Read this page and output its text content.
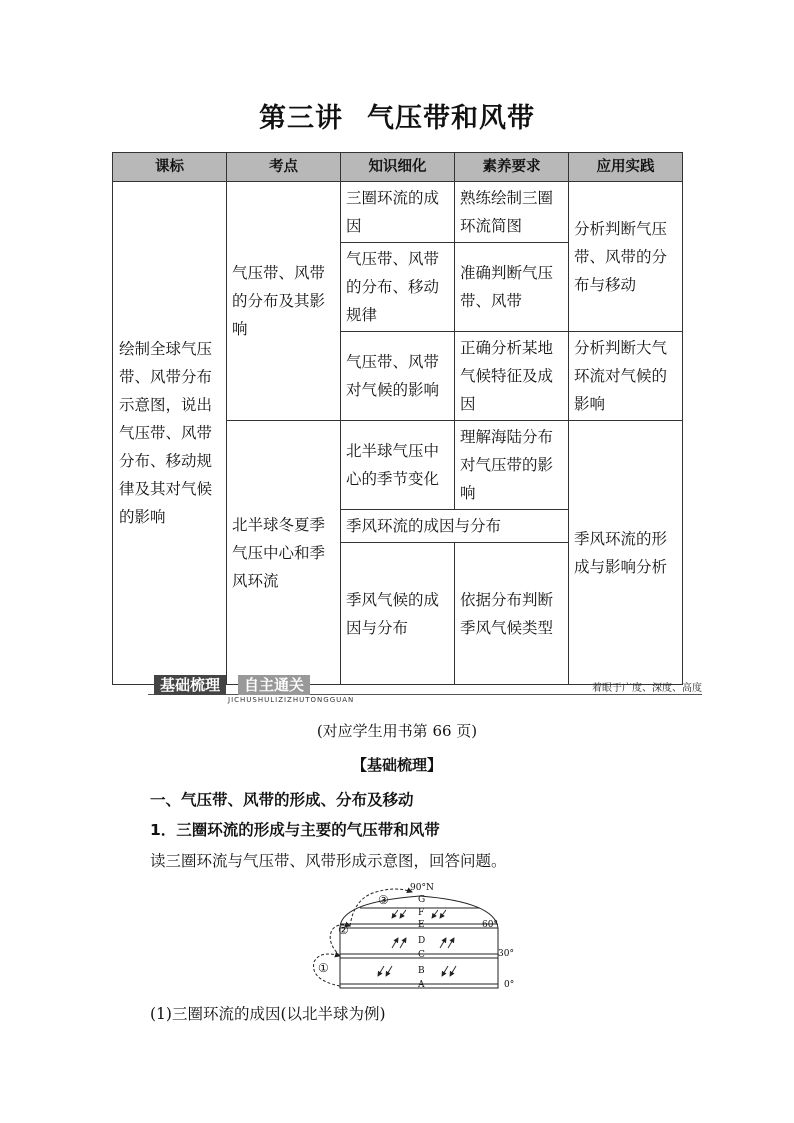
第三讲 气压带和风带
课标	考点	知识细化	素养要求	应用实践
绘制全球气压带、风带分布示意图，说出气压带、风带分布、移动规律及其对气候的影响	气压带、风带的分布及其影响	三圈环流的成因	熟练绘制三圈环流简图	分析判断气压带、风带的分布与移动
		气压带、风带的分布、移动规律	准确判断气压带、风带	
		气压带、风带对气候的影响	正确分析某地气候特征及成因	分析判断大气环流对气候的影响
	北半球冬夏季气压中心和季风环流	北半球气压中心的季节变化	理解海陆分布对气压带的影响	季风环流的形成与影响分析
		季风环流的成因与分布		
		季风气候的成因与分布	依据分布判断季风气候类型	
基础梳理	自主通关
JICHUSHULIZIZHUTONGGUAN
着眼于广度、深度、高度
(对应学生用书第 66 页)
【基础梳理】
一、气压带、风带的形成、分布及移动
1．三圈环流的形成与主要的气压带和风带
读三圈环流与气压带、风带形成示意图，回答问题。
G
F
E
D
C
B
A
90°N
60°
30°
0°
①
②
③
(1)三圈环流的成因(以北半球为例)
